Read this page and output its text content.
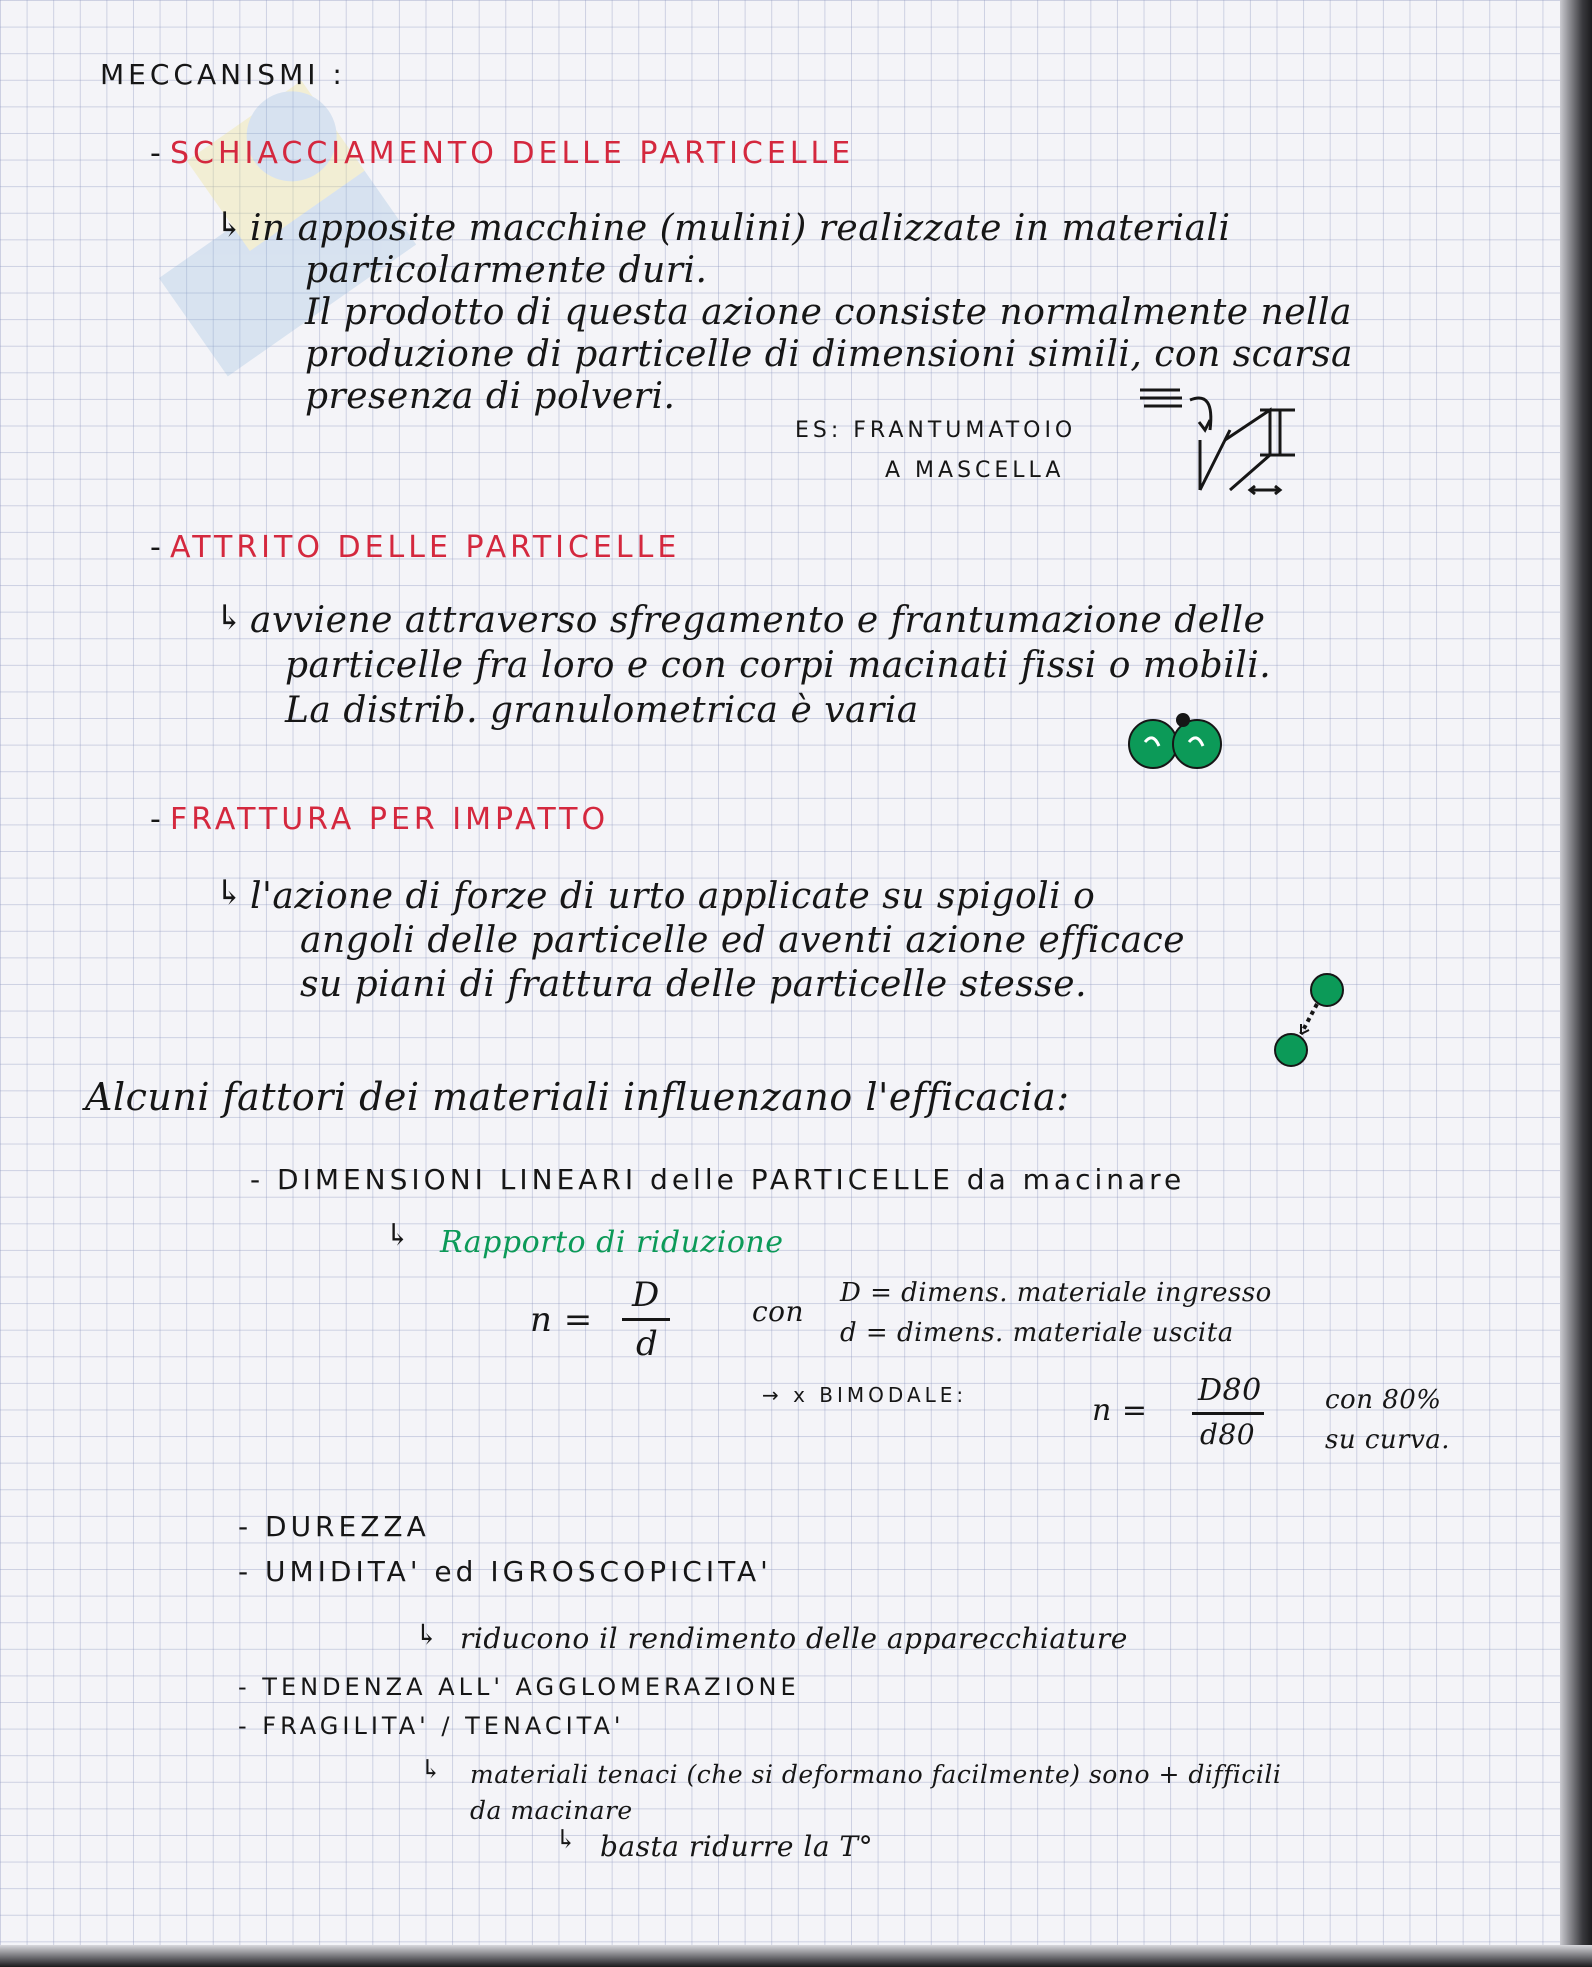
MECCANISMI :
SCHIACCIAMENTO DELLE PARTICELLE
in apposite macchine (mulini) realizzate in materiali
particolarmente duri.
Il prodotto di questa azione consiste normalmente nella
produzione di particelle di dimensioni simili, con scarsa
presenza di polveri.
ES: FRANTUMATOIO
A MASCELLA
ATTRITO DELLE PARTICELLE
avviene attraverso sfregamento e frantumazione delle
particelle fra loro e con corpi macinati fissi o mobili.
La distrib. granulometrica è varia
FRATTURA PER IMPATTO
l'azione di forze di urto applicate su spigoli o
angoli delle particelle ed aventi azione efficace
su piani di frattura delle particelle stesse.
Alcuni fattori dei materiali influenzano l'efficacia:
- DIMENSIONI LINEARI delle PARTICELLE da macinare
↳ Rapporto di riduzione
n =
D
d
con
D = dimens. materiale ingresso
d = dimens. materiale uscita
→ x BIMODALE:	n =
D80
d80
con 80%
su curva.
- DUREZZA
- UMIDITA' ed IGROSCOPICITA'
↳ riducono il rendimento delle apparecchiature
- TENDENZA ALL' AGGLOMERAZIONE
- FRAGILITA' / TENACITA'
↳ materiali tenaci (che si deformano facilmente) sono + difficili
da macinare
↳ basta ridurre la T°
↳
↳
↳
-
-
-
